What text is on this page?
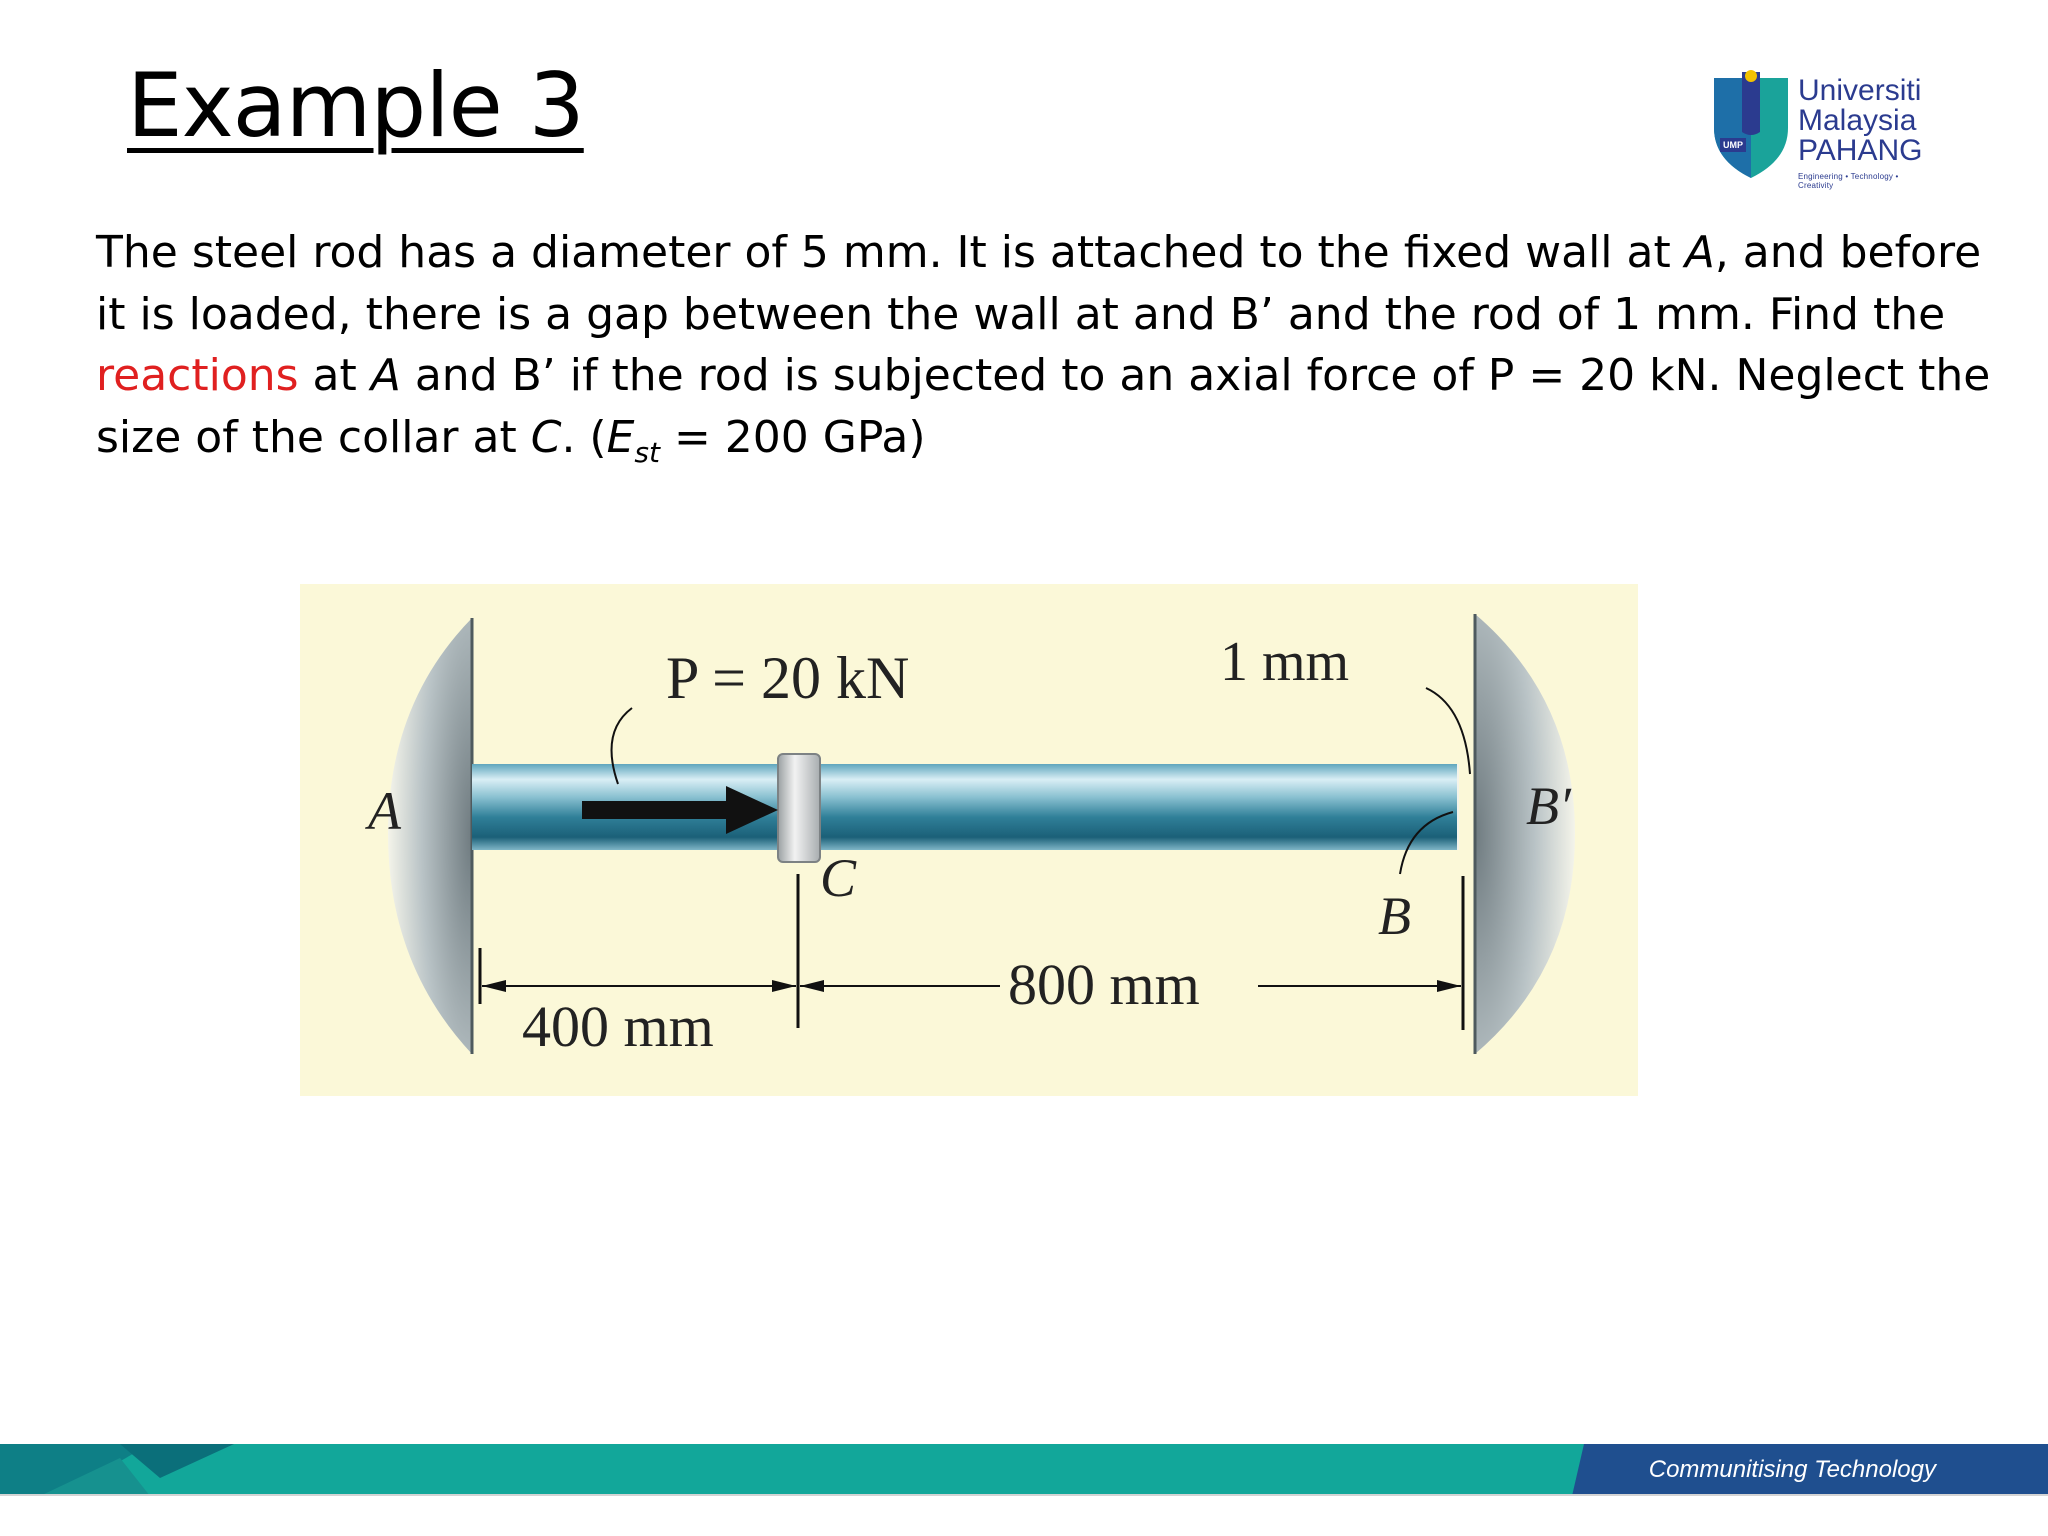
Example 3	UMP
Universiti
Malaysia
PAHANG
Engineering • Technology • Creativity
The steel rod has a diameter of 5 mm. It is attached to the fixed wall at A, and before it is loaded, there is a gap between the wall at and B’ and the rod of 1 mm. Find the reactions at A and B’ if the rod is subjected to an axial force of P = 20 kN. Neglect the size of the collar at C. ($E_{st} = 200$ GPa)
A	B′
B
C
P = 20 kN	1 mm
400 mm
800 mm
Communitising Technology
